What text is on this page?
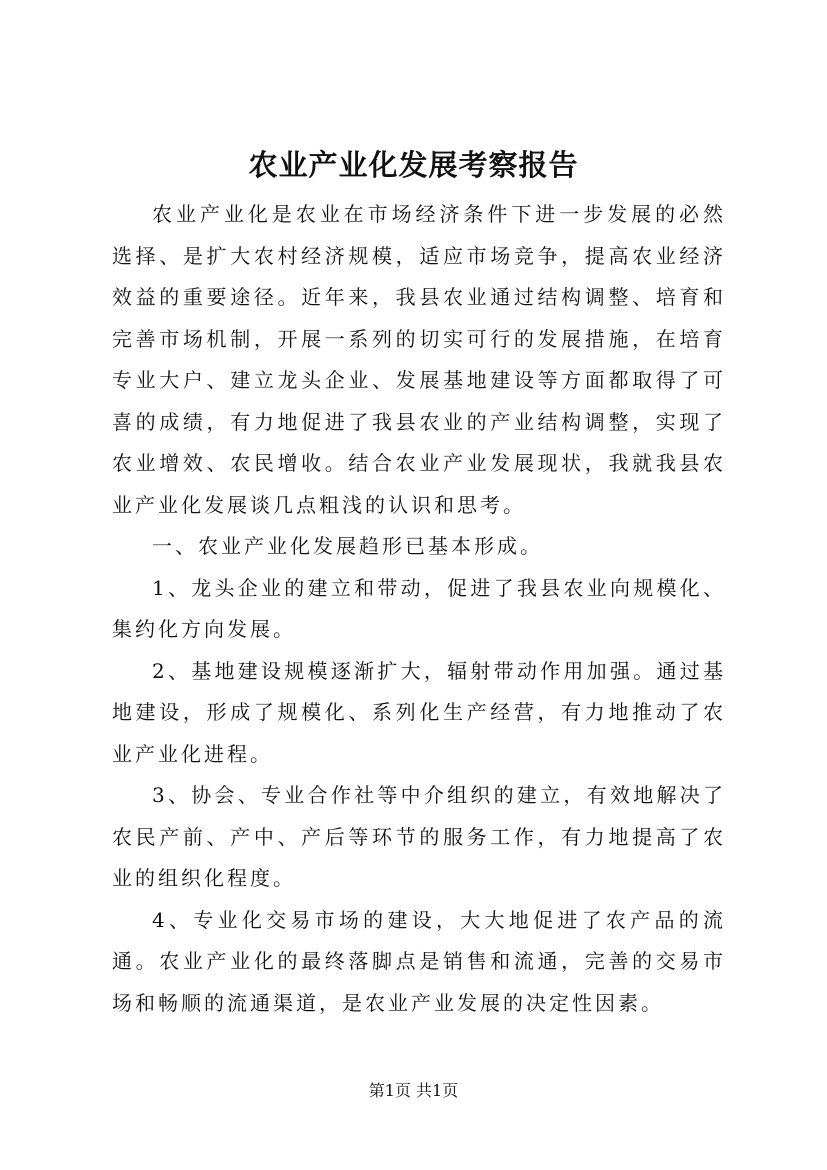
农业产业化发展考察报告

农业产业化是农业在市场经济条件下进一步发展的必然选择、是扩大农村经济规模，适应市场竞争，提高农业经济效益的重要途径。近年来，我县农业通过结构调整、培育和完善市场机制，开展一系列的切实可行的发展措施，在培育专业大户、建立龙头企业、发展基地建设等方面都取得了可喜的成绩，有力地促进了我县农业的产业结构调整，实现了农业增效、农民增收。结合农业产业发展现状，我就我县农业产业化发展谈几点粗浅的认识和思考。

一、农业产业化发展趋形已基本形成。

1、龙头企业的建立和带动，促进了我县农业向规模化、集约化方向发展。

2、基地建设规模逐渐扩大，辐射带动作用加强。通过基地建设，形成了规模化、系列化生产经营，有力地推动了农业产业化进程。

3、协会、专业合作社等中介组织的建立，有效地解决了农民产前、产中、产后等环节的服务工作，有力地提高了农业的组织化程度。

4、专业化交易市场的建设，大大地促进了农产品的流通。农业产业化的最终落脚点是销售和流通，完善的交易市场和畅顺的流通渠道，是农业产业发展的决定性因素。

第1页 共1页
